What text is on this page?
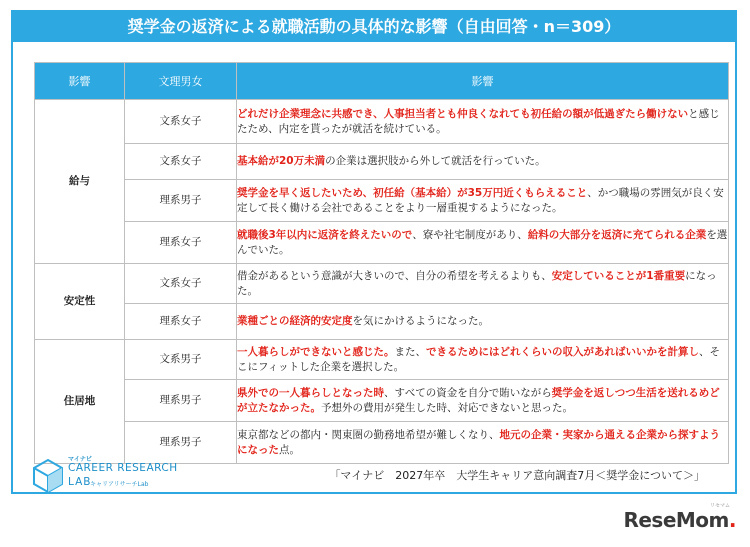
奨学金の返済による就職活動の具体的な影響（自由回答・n＝309）
影響	文理男女	影響
給与	文系女子	どれだけ企業理念に共感でき、人事担当者とも仲良くなれても初任給の額が低過ぎたら働けないと感じたため、内定を貰ったが就活を続けている。
	文系女子	基本給が20万未満の企業は選択肢から外して就活を行っていた。
	理系男子	奨学金を早く返したいため、初任給（基本給）が35万円近くもらえること、かつ職場の雰囲気が良く安定して長く働ける会社であることをより一層重視するようになった。
	理系女子	就職後3年以内に返済を終えたいので、寮や社宅制度があり、給料の大部分を返済に充てられる企業を選んでいた。
安定性	文系女子	借金があるという意識が大きいので、自分の希望を考えるよりも、安定していることが1番重要になった。
	理系女子	業種ごとの経済的安定度を気にかけるようになった。
住居地	文系男子	一人暮らしができないと感じた。また、できるためにはどれくらいの収入があればいいかを計算し、そこにフィットした企業を選択した。
	理系男子	県外での一人暮らしとなった時、すべての資金を自分で賄いながら奨学金を返しつつ生活を送れるめどが立たなかった。予想外の費用が発生した時、対応できないと思った。
	理系男子	東京都などの都内・関東圏の勤務地希望が難しくなり、地元の企業・実家から通える企業から探すようになった点。
マイナビ
CAREER RESEARCH
LAB
キャリアリサーチLab
「マイナビ　2027年卒　大学生キャリア意向調査7月＜奨学金について＞」
リセマム
ReseMom.
